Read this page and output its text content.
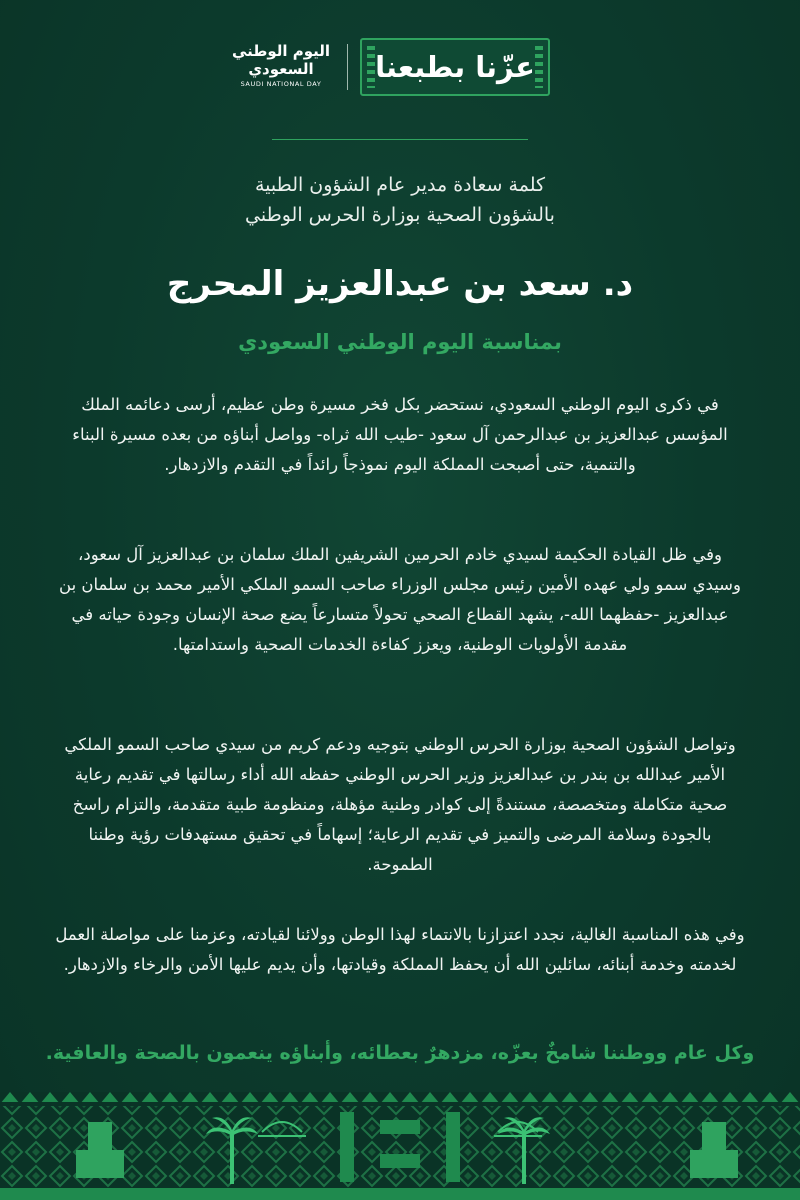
عزّنا بطبعنا
اليوم الوطني
السعودي
SAUDI NATIONAL DAY
كلمة سعادة مدير عام الشؤون الطبية
بالشؤون الصحية بوزارة الحرس الوطني
د. سعد بن عبدالعزيز المحرج
بمناسبة اليوم الوطني السعودي

في ذكرى اليوم الوطني السعودي، نستحضر بكل فخر مسيرة وطن عظيم، أرسى دعائمه الملك المؤسس عبدالعزيز بن عبدالرحمن آل سعود -طيب الله ثراه- وواصل أبناؤه من بعده مسيرة البناء والتنمية، حتى أصبحت المملكة اليوم نموذجاً رائداً في التقدم والازدهار.

وفي ظل القيادة الحكيمة لسيدي خادم الحرمين الشريفين الملك سلمان بن عبدالعزيز آل سعود، وسيدي سمو ولي عهده الأمين رئيس مجلس الوزراء صاحب السمو الملكي الأمير محمد بن سلمان بن عبدالعزيز -حفظهما الله-، يشهد القطاع الصحي تحولاً متسارعاً يضع صحة الإنسان وجودة حياته في مقدمة الأولويات الوطنية، ويعزز كفاءة الخدمات الصحية واستدامتها.

وتواصل الشؤون الصحية بوزارة الحرس الوطني بتوجيه ودعم كريم من سيدي صاحب السمو الملكي الأمير عبدالله بن بندر بن عبدالعزيز وزير الحرس الوطني حفظه الله أداء رسالتها في تقديم رعاية صحية متكاملة ومتخصصة، مستندةً إلى كوادر وطنية مؤهلة، ومنظومة طبية متقدمة، والتزام راسخ بالجودة وسلامة المرضى والتميز في تقديم الرعاية؛ إسهاماً في تحقيق مستهدفات رؤية وطننا الطموحة.

وفي هذه المناسبة الغالية، نجدد اعتزازنا بالانتماء لهذا الوطن وولائنا لقيادته، وعزمنا على مواصلة العمل لخدمته وخدمة أبنائه، سائلين الله أن يحفظ المملكة وقيادتها، وأن يديم عليها الأمن والرخاء والازدهار.

وكل عام ووطننا شامخٌ بعزّه، مزدهرٌ بعطائه، وأبناؤه ينعمون بالصحة والعافية.
